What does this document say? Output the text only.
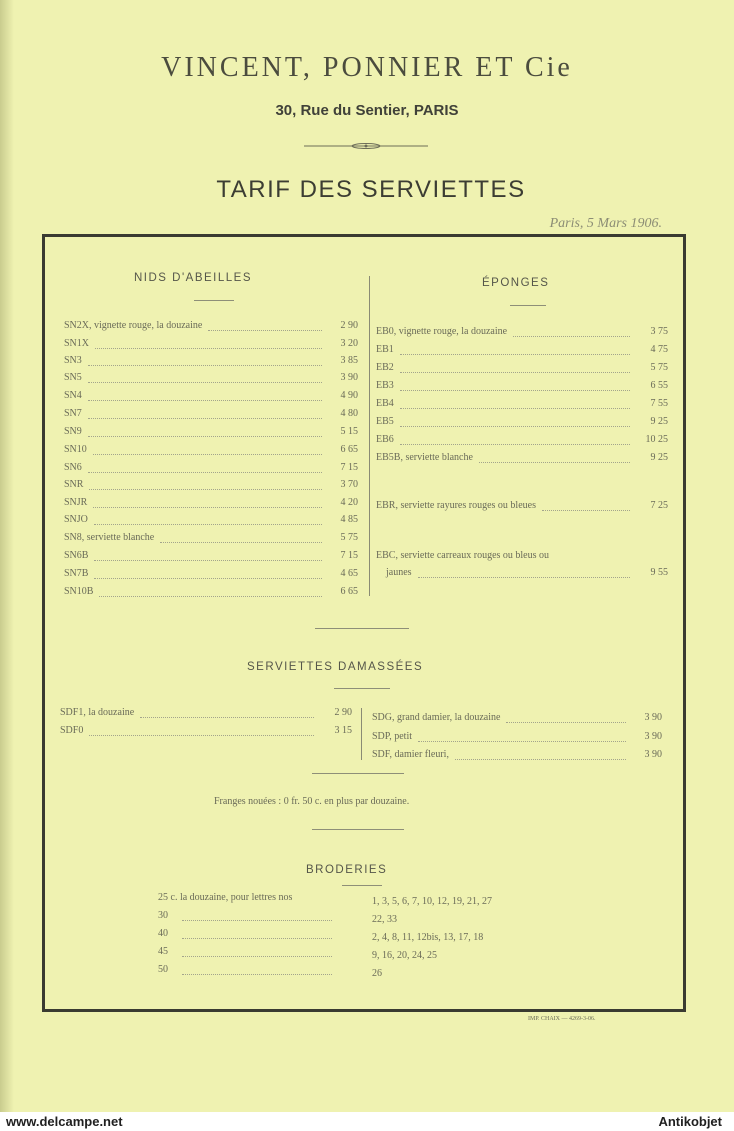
VINCENT, PONNIER ET Cie
30, Rue du Sentier, PARIS
TARIF DES SERVIETTES
Paris, 5 Mars 1906.
NIDS D'ABEILLES
SN2X, vignette rouge, la douzaine	2 90
SN1X	3 20
SN3	3 85
SN5	3 90
SN4	4 90
SN7	4 80
SN9	5 15
SN10	6 65
SN6	7 15
SNR	3 70
SNJR	4 20
SNJO	4 85
SN8, serviette blanche	5 75
SN6B	7 15
SN7B	4 65
SN10B	6 65
ÉPONGES
EB0, vignette rouge, la douzaine	3 75
EB1	4 75
EB2	5 75
EB3	6 55
EB4	7 55
EB5	9 25
EB6	10 25
EB5B, serviette blanche	9 25
EBR, serviette rayures rouges ou bleues	7 25
EBC, serviette carreaux rouges ou bleus ou
jaunes	9 55
SERVIETTES DAMASSÉES
SDF1, la douzaine	2 90
SDF0	3 15
SDG, grand damier, la douzaine	3 90
SDP, petit	3 90
SDF, damier fleuri,	3 90
Franges nouées : 0 fr. 50 c. en plus par douzaine.
BRODERIES
25 c. la douzaine, pour lettres nos	1, 3, 5, 6, 7, 10, 12, 19, 21, 27
30	22, 33
40	2, 4, 8, 11, 12bis, 13, 17, 18
45	9, 16, 20, 24, 25
50	26
IMP. CHAIX — 4269-3-06.
www.delcampe.net	Antikobjet
